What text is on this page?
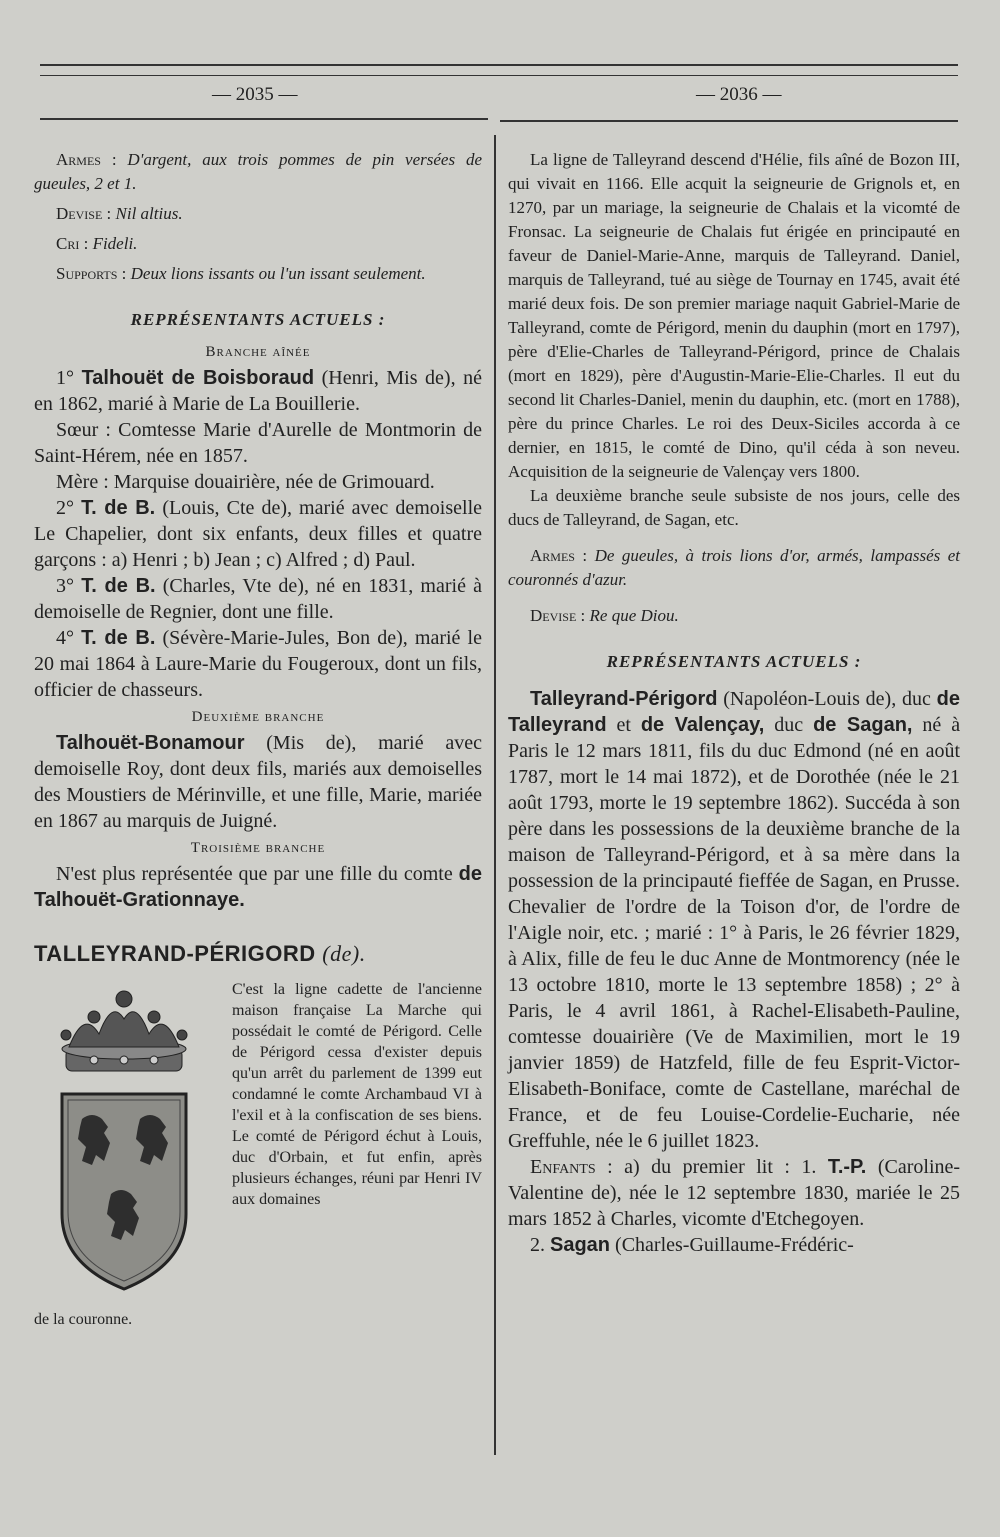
— 2035 —	— 2036 —

Armes : D'argent, aux trois pommes de pin versées de gueules, 2 et 1.

Devise : Nil altius.

Cri : Fideli.

Supports : Deux lions issants ou l'un issant seulement.

REPRÉSENTANTS ACTUELS :
Branche aînée

1° Talhouët de Boisboraud (Henri, Mis de), né en 1862, marié à Marie de La Bouillerie.

Sœur : Comtesse Marie d'Aurelle de Montmorin de Saint-Hérem, née en 1857.

Mère : Marquise douairière, née de Grimouard.

2° T. de B. (Louis, Cte de), marié avec demoiselle Le Chapelier, dont six enfants, deux filles et quatre garçons : a) Henri ; b) Jean ; c) Alfred ; d) Paul.

3° T. de B. (Charles, Vte de), né en 1831, marié à demoiselle de Regnier, dont une fille.

4° T. de B. (Sévère-Marie-Jules, Bon de), marié le 20 mai 1864 à Laure-Marie du Fougeroux, dont un fils, officier de chasseurs.

Deuxième branche

Talhouët-Bonamour (Mis de), marié avec demoiselle Roy, dont deux fils, mariés aux demoiselles des Moustiers de Mérinville, et une fille, Marie, mariée en 1867 au marquis de Juigné.

Troisième branche

N'est plus représentée que par une fille du comte de Talhouët-Grationnaye.

TALLEYRAND-PÉRIGORD (de).
C'est la ligne cadette de l'ancienne maison française La Marche qui possédait le comté de Périgord. Celle de Périgord cessa d'exister depuis qu'un arrêt du parlement de 1399 eut condamné le comte Archambaud VI à l'exil et à la confiscation de ses biens. Le comté de Périgord échut à Louis, duc d'Orbain, et fut enfin, après plusieurs échanges, réuni par Henri IV aux domaines
de la couronne.

La ligne de Talleyrand descend d'Hélie, fils aîné de Bozon III, qui vivait en 1166. Elle acquit la seigneurie de Grignols et, en 1270, par un mariage, la seigneurie de Chalais et la vicomté de Fronsac. La seigneurie de Chalais fut érigée en principauté en faveur de Daniel-Marie-Anne, marquis de Talleyrand. Daniel, marquis de Talleyrand, tué au siège de Tournay en 1745, avait été marié deux fois. De son premier mariage naquit Gabriel-Marie de Talleyrand, comte de Périgord, menin du dauphin (mort en 1797), père d'Elie-Charles de Talleyrand-Périgord, prince de Chalais (mort en 1829), père d'Augustin-Marie-Elie-Charles. Il eut du second lit Charles-Daniel, menin du dauphin, etc. (mort en 1788), père du prince Charles. Le roi des Deux-Siciles accorda à ce dernier, en 1815, le comté de Dino, qu'il céda à son neveu. Acquisition de la seigneurie de Valençay vers 1800.

La deuxième branche seule subsiste de nos jours, celle des ducs de Talleyrand, de Sagan, etc.

Armes : De gueules, à trois lions d'or, armés, lampassés et couronnés d'azur.

Devise : Re que Diou.

REPRÉSENTANTS ACTUELS :

Talleyrand-Périgord (Napoléon-Louis de), duc de Talleyrand et de Valençay, duc de Sagan, né à Paris le 12 mars 1811, fils du duc Edmond (né en août 1787, mort le 14 mai 1872), et de Dorothée (née le 21 août 1793, morte le 19 septembre 1862). Succéda à son père dans les possessions de la deuxième branche de la maison de Talleyrand-Périgord, et à sa mère dans la possession de la principauté fieffée de Sagan, en Prusse. Chevalier de l'ordre de la Toison d'or, de l'ordre de l'Aigle noir, etc. ; marié : 1° à Paris, le 26 février 1829, à Alix, fille de feu le duc Anne de Montmorency (née le 13 octobre 1810, morte le 13 septembre 1858) ; 2° à Paris, le 4 avril 1861, à Rachel-Elisabeth-Pauline, comtesse douairière (Ve de Maximilien, mort le 19 janvier 1859) de Hatzfeld, fille de feu Esprit-Victor-Elisabeth-Boniface, comte de Castellane, maréchal de France, et de feu Louise-Cordelie-Eucharie, née Greffuhle, née le 6 juillet 1823.

Enfants : a) du premier lit : 1. T.-P. (Caroline-Valentine de), née le 12 septembre 1830, mariée le 25 mars 1852 à Charles, vicomte d'Etchegoyen.

2. Sagan (Charles-Guillaume-Frédéric-
